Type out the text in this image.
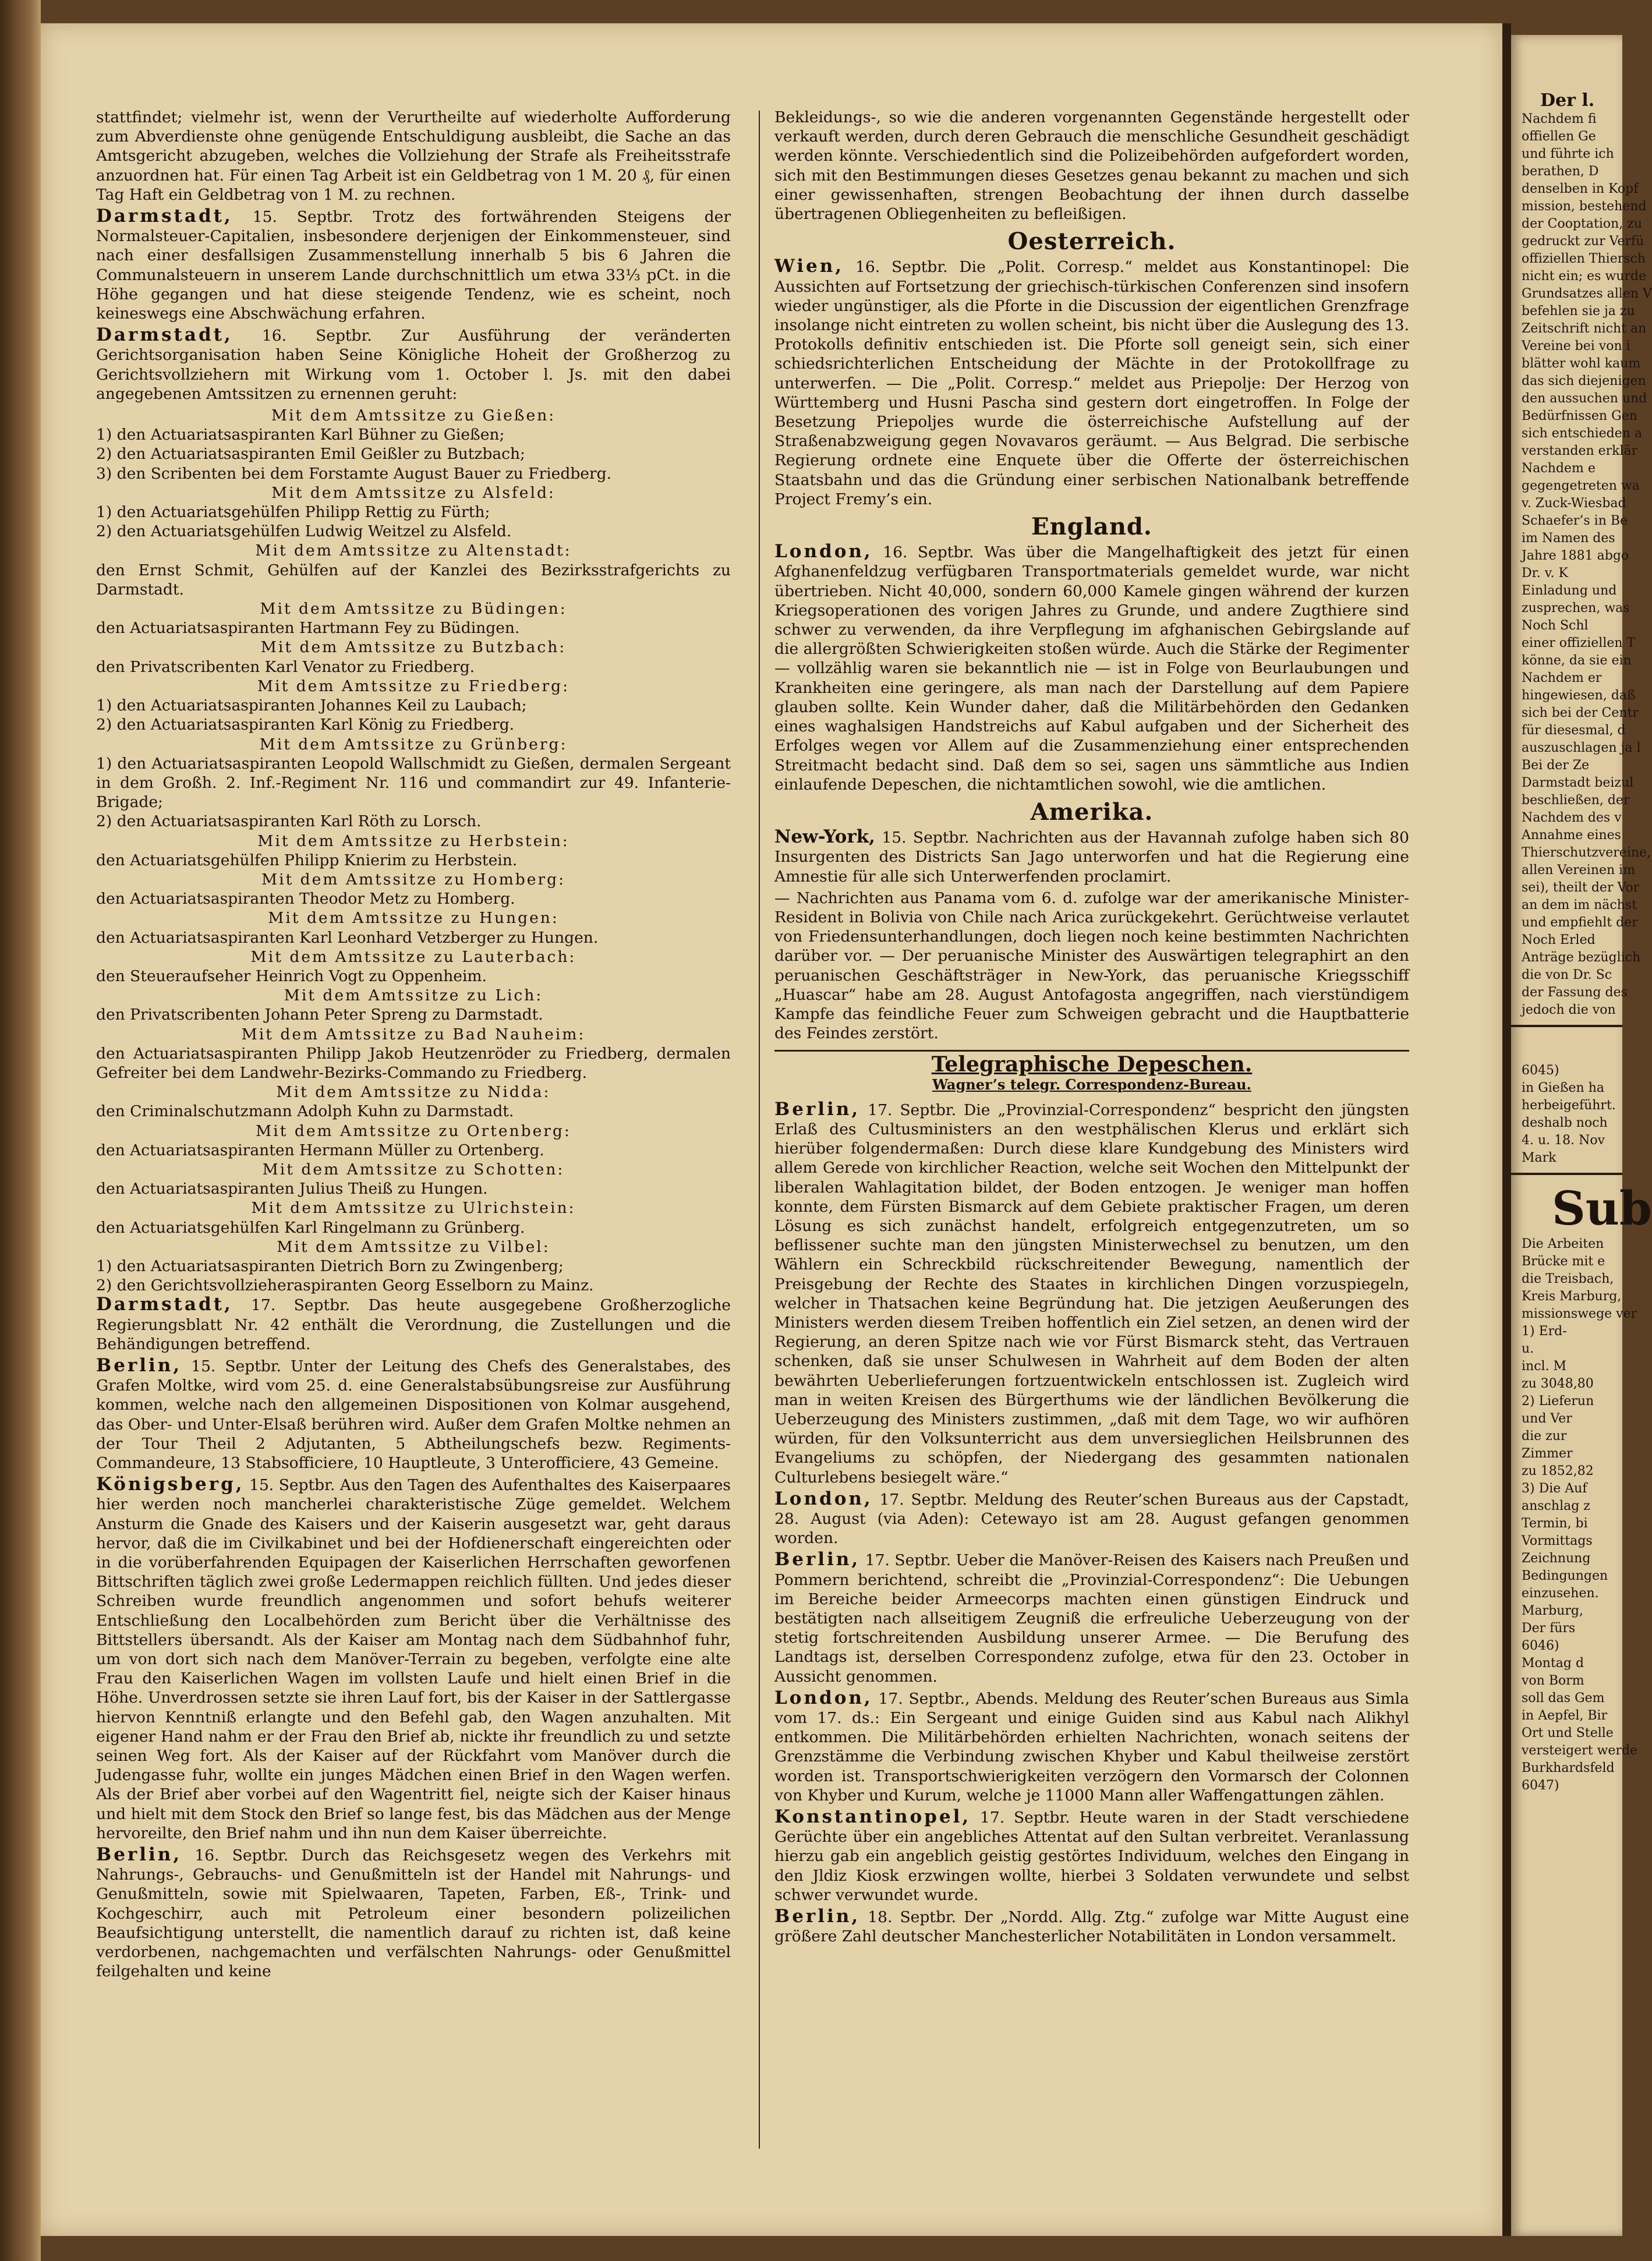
stattfindet; vielmehr ist, wenn der Verurtheilte auf wiederholte Aufforderung zum Abverdienste ohne genügende Entschuldigung ausbleibt, die Sache an das Amtsgericht abzugeben, welches die Vollziehung der Strafe als Freiheitsstrafe anzuordnen hat. Für einen Tag Arbeit ist ein Geldbetrag von 1 M. 20 ₰, für einen Tag Haft ein Geldbetrag von 1 M. zu rechnen.

Darmstadt, 15. Septbr. Trotz des fortwährenden Steigens der Normalsteuer-Capitalien, insbesondere derjenigen der Einkommensteuer, sind nach einer desfallsigen Zusammenstellung innerhalb 5 bis 6 Jahren die Communalsteuern in unserem Lande durchschnittlich um etwa 33⅓ pCt. in die Höhe gegangen und hat diese steigende Tendenz, wie es scheint, noch keineswegs eine Abschwächung erfahren.

Darmstadt, 16. Septbr. Zur Ausführung der veränderten Gerichtsorganisation haben Seine Königliche Hoheit der Großherzog zu Gerichtsvollziehern mit Wirkung vom 1. October l. Js. mit den dabei angegebenen Amtssitzen zu ernennen geruht:

Mit dem Amtssitze zu Gießen:
1) den Actuariatsaspiranten Karl Bühner zu Gießen;
2) den Actuariatsaspiranten Emil Geißler zu Butzbach;
3) den Scribenten bei dem Forstamte August Bauer zu Friedberg.
Mit dem Amtssitze zu Alsfeld:
1) den Actuariatsgehülfen Philipp Rettig zu Fürth;
2) den Actuariatsgehülfen Ludwig Weitzel zu Alsfeld.
Mit dem Amtssitze zu Altenstadt:
den Ernst Schmit, Gehülfen auf der Kanzlei des Bezirksstrafgerichts zu Darmstadt.
Mit dem Amtssitze zu Büdingen:
den Actuariatsaspiranten Hartmann Fey zu Büdingen.
Mit dem Amtssitze zu Butzbach:
den Privatscribenten Karl Venator zu Friedberg.
Mit dem Amtssitze zu Friedberg:
1) den Actuariatsaspiranten Johannes Keil zu Laubach;
2) den Actuariatsaspiranten Karl König zu Friedberg.
Mit dem Amtssitze zu Grünberg:
1) den Actuariatsaspiranten Leopold Wallschmidt zu Gießen, dermalen Sergeant in dem Großh. 2. Inf.-Regiment Nr. 116 und commandirt zur 49. Infanterie-Brigade;
2) den Actuariatsaspiranten Karl Röth zu Lorsch.
Mit dem Amtssitze zu Herbstein:
den Actuariatsgehülfen Philipp Knierim zu Herbstein.
Mit dem Amtssitze zu Homberg:
den Actuariatsaspiranten Theodor Metz zu Homberg.
Mit dem Amtssitze zu Hungen:
den Actuariatsaspiranten Karl Leonhard Vetzberger zu Hungen.
Mit dem Amtssitze zu Lauterbach:
den Steueraufseher Heinrich Vogt zu Oppenheim.
Mit dem Amtssitze zu Lich:
den Privatscribenten Johann Peter Spreng zu Darmstadt.
Mit dem Amtssitze zu Bad Nauheim:
den Actuariatsaspiranten Philipp Jakob Heutzenröder zu Friedberg, dermalen Gefreiter bei dem Landwehr-Bezirks-Commando zu Friedberg.
Mit dem Amtssitze zu Nidda:
den Criminalschutzmann Adolph Kuhn zu Darmstadt.
Mit dem Amtssitze zu Ortenberg:
den Actuariatsaspiranten Hermann Müller zu Ortenberg.
Mit dem Amtssitze zu Schotten:
den Actuariatsaspiranten Julius Theiß zu Hungen.
Mit dem Amtssitze zu Ulrichstein:
den Actuariatsgehülfen Karl Ringelmann zu Grünberg.
Mit dem Amtssitze zu Vilbel:
1) den Actuariatsaspiranten Dietrich Born zu Zwingenberg;
2) den Gerichtsvollzieheraspiranten Georg Esselborn zu Mainz.

Darmstadt, 17. Septbr. Das heute ausgegebene Großherzogliche Regierungsblatt Nr. 42 enthält die Verordnung, die Zustellungen und die Behändigungen betreffend.

Berlin, 15. Septbr. Unter der Leitung des Chefs des Generalstabes, des Grafen Moltke, wird vom 25. d. eine Generalstabsübungsreise zur Ausführung kommen, welche nach den allgemeinen Dispositionen von Kolmar ausgehend, das Ober- und Unter-Elsaß berühren wird. Außer dem Grafen Moltke nehmen an der Tour Theil 2 Adjutanten, 5 Abtheilungschefs bezw. Regiments-Commandeure, 13 Stabsofficiere, 10 Hauptleute, 3 Unterofficiere, 43 Gemeine.

Königsberg, 15. Septbr. Aus den Tagen des Aufenthaltes des Kaiserpaares hier werden noch mancherlei charakteristische Züge gemeldet. Welchem Ansturm die Gnade des Kaisers und der Kaiserin ausgesetzt war, geht daraus hervor, daß die im Civilkabinet und bei der Hofdienerschaft eingereichten oder in die vorüberfahrenden Equipagen der Kaiserlichen Herrschaften geworfenen Bittschriften täglich zwei große Ledermappen reichlich füllten. Und jedes dieser Schreiben wurde freundlich angenommen und sofort behufs weiterer Entschließung den Localbehörden zum Bericht über die Verhältnisse des Bittstellers übersandt. Als der Kaiser am Montag nach dem Südbahnhof fuhr, um von dort sich nach dem Manöver-Terrain zu begeben, verfolgte eine alte Frau den Kaiserlichen Wagen im vollsten Laufe und hielt einen Brief in die Höhe. Unverdrossen setzte sie ihren Lauf fort, bis der Kaiser in der Sattlergasse hiervon Kenntniß erlangte und den Befehl gab, den Wagen anzuhalten. Mit eigener Hand nahm er der Frau den Brief ab, nickte ihr freundlich zu und setzte seinen Weg fort. Als der Kaiser auf der Rückfahrt vom Manöver durch die Judengasse fuhr, wollte ein junges Mädchen einen Brief in den Wagen werfen. Als der Brief aber vorbei auf den Wagentritt fiel, neigte sich der Kaiser hinaus und hielt mit dem Stock den Brief so lange fest, bis das Mädchen aus der Menge hervoreilte, den Brief nahm und ihn nun dem Kaiser überreichte.

Berlin, 16. Septbr. Durch das Reichsgesetz wegen des Verkehrs mit Nahrungs-, Gebrauchs- und Genußmitteln ist der Handel mit Nahrungs- und Genußmitteln, sowie mit Spielwaaren, Tapeten, Farben, Eß-, Trink- und Kochgeschirr, auch mit Petroleum einer besondern polizeilichen Beaufsichtigung unterstellt, die namentlich darauf zu richten ist, daß keine verdorbenen, nachgemachten und verfälschten Nahrungs- oder Genußmittel feilgehalten und keine

Bekleidungs-, so wie die anderen vorgenannten Gegenstände hergestellt oder verkauft werden, durch deren Gebrauch die menschliche Gesundheit geschädigt werden könnte. Verschiedentlich sind die Polizeibehörden aufgefordert worden, sich mit den Bestimmungen dieses Gesetzes genau bekannt zu machen und sich einer gewissenhaften, strengen Beobachtung der ihnen durch dasselbe übertragenen Obliegenheiten zu befleißigen.

Oesterreich.

Wien, 16. Septbr. Die „Polit. Corresp.“ meldet aus Konstantinopel: Die Aussichten auf Fortsetzung der griechisch-türkischen Conferenzen sind insofern wieder ungünstiger, als die Pforte in die Discussion der eigentlichen Grenzfrage insolange nicht eintreten zu wollen scheint, bis nicht über die Auslegung des 13. Protokolls definitiv entschieden ist. Die Pforte soll geneigt sein, sich einer schiedsrichterlichen Entscheidung der Mächte in der Protokollfrage zu unterwerfen. — Die „Polit. Corresp.“ meldet aus Priepolje: Der Herzog von Württemberg und Husni Pascha sind gestern dort eingetroffen. In Folge der Besetzung Priepoljes wurde die österreichische Aufstellung auf der Straßenabzweigung gegen Novavaros geräumt. — Aus Belgrad. Die serbische Regierung ordnete eine Enquete über die Offerte der österreichischen Staatsbahn und das die Gründung einer serbischen Nationalbank betreffende Project Fremy’s ein.

England.

London, 16. Septbr. Was über die Mangelhaftigkeit des jetzt für einen Afghanenfeldzug verfügbaren Transportmaterials gemeldet wurde, war nicht übertrieben. Nicht 40,000, sondern 60,000 Kamele gingen während der kurzen Kriegsoperationen des vorigen Jahres zu Grunde, und andere Zugthiere sind schwer zu verwenden, da ihre Verpflegung im afghanischen Gebirgslande auf die allergrößten Schwierigkeiten stoßen würde. Auch die Stärke der Regimenter — vollzählig waren sie bekanntlich nie — ist in Folge von Beurlaubungen und Krankheiten eine geringere, als man nach der Darstellung auf dem Papiere glauben sollte. Kein Wunder daher, daß die Militärbehörden den Gedanken eines waghalsigen Handstreichs auf Kabul aufgaben und der Sicherheit des Erfolges wegen vor Allem auf die Zusammenziehung einer entsprechenden Streitmacht bedacht sind. Daß dem so sei, sagen uns sämmtliche aus Indien einlaufende Depeschen, die nichtamtlichen sowohl, wie die amtlichen.

Amerika.

New-York, 15. Septbr. Nachrichten aus der Havannah zufolge haben sich 80 Insurgenten des Districts San Jago unterworfen und hat die Regierung eine Amnestie für alle sich Unterwerfenden proclamirt.

— Nachrichten aus Panama vom 6. d. zufolge war der amerikanische Minister-Resident in Bolivia von Chile nach Arica zurückgekehrt. Gerüchtweise verlautet von Friedensunterhandlungen, doch liegen noch keine bestimmten Nachrichten darüber vor. — Der peruanische Minister des Auswärtigen telegraphirt an den peruanischen Geschäftsträger in New-York, das peruanische Kriegsschiff „Huascar“ habe am 28. August Antofagosta angegriffen, nach vierstündigem Kampfe das feindliche Feuer zum Schweigen gebracht und die Hauptbatterie des Feindes zerstört.

Telegraphische Depeschen.
Wagner’s telegr. Correspondenz-Bureau.

Berlin, 17. Septbr. Die „Provinzial-Correspondenz“ bespricht den jüngsten Erlaß des Cultusministers an den westphälischen Klerus und erklärt sich hierüber folgendermaßen: Durch diese klare Kundgebung des Ministers wird allem Gerede von kirchlicher Reaction, welche seit Wochen den Mittelpunkt der liberalen Wahlagitation bildet, der Boden entzogen. Je weniger man hoffen konnte, dem Fürsten Bismarck auf dem Gebiete praktischer Fragen, um deren Lösung es sich zunächst handelt, erfolgreich entgegenzutreten, um so beflissener suchte man den jüngsten Ministerwechsel zu benutzen, um den Wählern ein Schreckbild rückschreitender Bewegung, namentlich der Preisgebung der Rechte des Staates in kirchlichen Dingen vorzuspiegeln, welcher in Thatsachen keine Begründung hat. Die jetzigen Aeußerungen des Ministers werden diesem Treiben hoffentlich ein Ziel setzen, an denen wird der Regierung, an deren Spitze nach wie vor Fürst Bismarck steht, das Vertrauen schenken, daß sie unser Schulwesen in Wahrheit auf dem Boden der alten bewährten Ueberlieferungen fortzuentwickeln entschlossen ist. Zugleich wird man in weiten Kreisen des Bürgerthums wie der ländlichen Bevölkerung die Ueberzeugung des Ministers zustimmen, „daß mit dem Tage, wo wir aufhören würden, für den Volksunterricht aus dem unversieglichen Heilsbrunnen des Evangeliums zu schöpfen, der Niedergang des gesammten nationalen Culturlebens besiegelt wäre.“

London, 17. Septbr. Meldung des Reuter’schen Bureaus aus der Capstadt, 28. August (via Aden): Cetewayo ist am 28. August gefangen genommen worden.

Berlin, 17. Septbr. Ueber die Manöver-Reisen des Kaisers nach Preußen und Pommern berichtend, schreibt die „Provinzial-Correspondenz“: Die Uebungen im Bereiche beider Armeecorps machten einen günstigen Eindruck und bestätigten nach allseitigem Zeugniß die erfreuliche Ueberzeugung von der stetig fortschreitenden Ausbildung unserer Armee. — Die Berufung des Landtags ist, derselben Correspondenz zufolge, etwa für den 23. October in Aussicht genommen.

London, 17. Septbr., Abends. Meldung des Reuter’schen Bureaus aus Simla vom 17. ds.: Ein Sergeant und einige Guiden sind aus Kabul nach Alikhyl entkommen. Die Militärbehörden erhielten Nachrichten, wonach seitens der Grenzstämme die Verbindung zwischen Khyber und Kabul theilweise zerstört worden ist. Transportschwierigkeiten verzögern den Vormarsch der Colonnen von Khyber und Kurum, welche je 11000 Mann aller Waffengattungen zählen.

Konstantinopel, 17. Septbr. Heute waren in der Stadt verschiedene Gerüchte über ein angebliches Attentat auf den Sultan verbreitet. Veranlassung hierzu gab ein angeblich geistig gestörtes Individuum, welches den Eingang in den Jldiz Kiosk erzwingen wollte, hierbei 3 Soldaten verwundete und selbst schwer verwundet wurde.

Berlin, 18. Septbr. Der „Nordd. Allg. Ztg.“ zufolge war Mitte August eine größere Zahl deutscher Manchesterlicher Notabilitäten in London versammelt.

Der l.
Nachdem fi
offiellen Ge
und führte ich
berathen, D
denselben in Kopf
mission, bestehend
der Cooptation, zu
gedruckt zur Verfü
offiziellen Thiersch
nicht ein; es wurde
Grundsatzes allen V
befehlen sie ja zu
Zeitschrift nicht an
Vereine bei von i
blätter wohl kaum
das sich diejenigen
den aussuchen und
Bedürfnissen Gen
sich entschieden a
verstanden erklär
Nachdem e
gegengetreten wa
v. Zuck-Wiesbad
Schaefer’s in Be
im Namen des
Jahre 1881 abgo
Dr. v. K
Einladung und
zusprechen, was
Noch Schl
einer offiziellen T
könne, da sie ein
Nachdem er
hingewiesen, daß
sich bei der Centr
für diesesmal, d
auszuschlagen ja l
Bei der Ze
Darmstadt beizul
beschließen, der
Nachdem des v
Annahme eines
Thierschutzvereine,
allen Vereinen im
sei), theilt der Vor
an dem im nächst
und empfiehlt der
Noch Erled
Anträge bezüglich
die von Dr. Sc
der Fassung des
jedoch die von
6045)
in Gießen ha
herbeigeführt.
deshalb noch
4. u. 18. Nov
Mark
Sub
Die Arbeiten
Brücke mit e
die Treisbach,
Kreis Marburg,
missionswege ver
1) Erd-
u.
incl. M
zu 3048,80
2) Lieferun
und Ver
die zur
Zimmer
zu 1852,82
3) Die Auf
anschlag z
Termin, bi
Vormittags
Zeichnung
Bedingungen
einzusehen.
Marburg,
Der fürs
6046)
Montag d
von Borm
soll das Gem
in Aepfel, Bir
Ort und Stelle
versteigert werde
Burkhardsfeld
6047)
